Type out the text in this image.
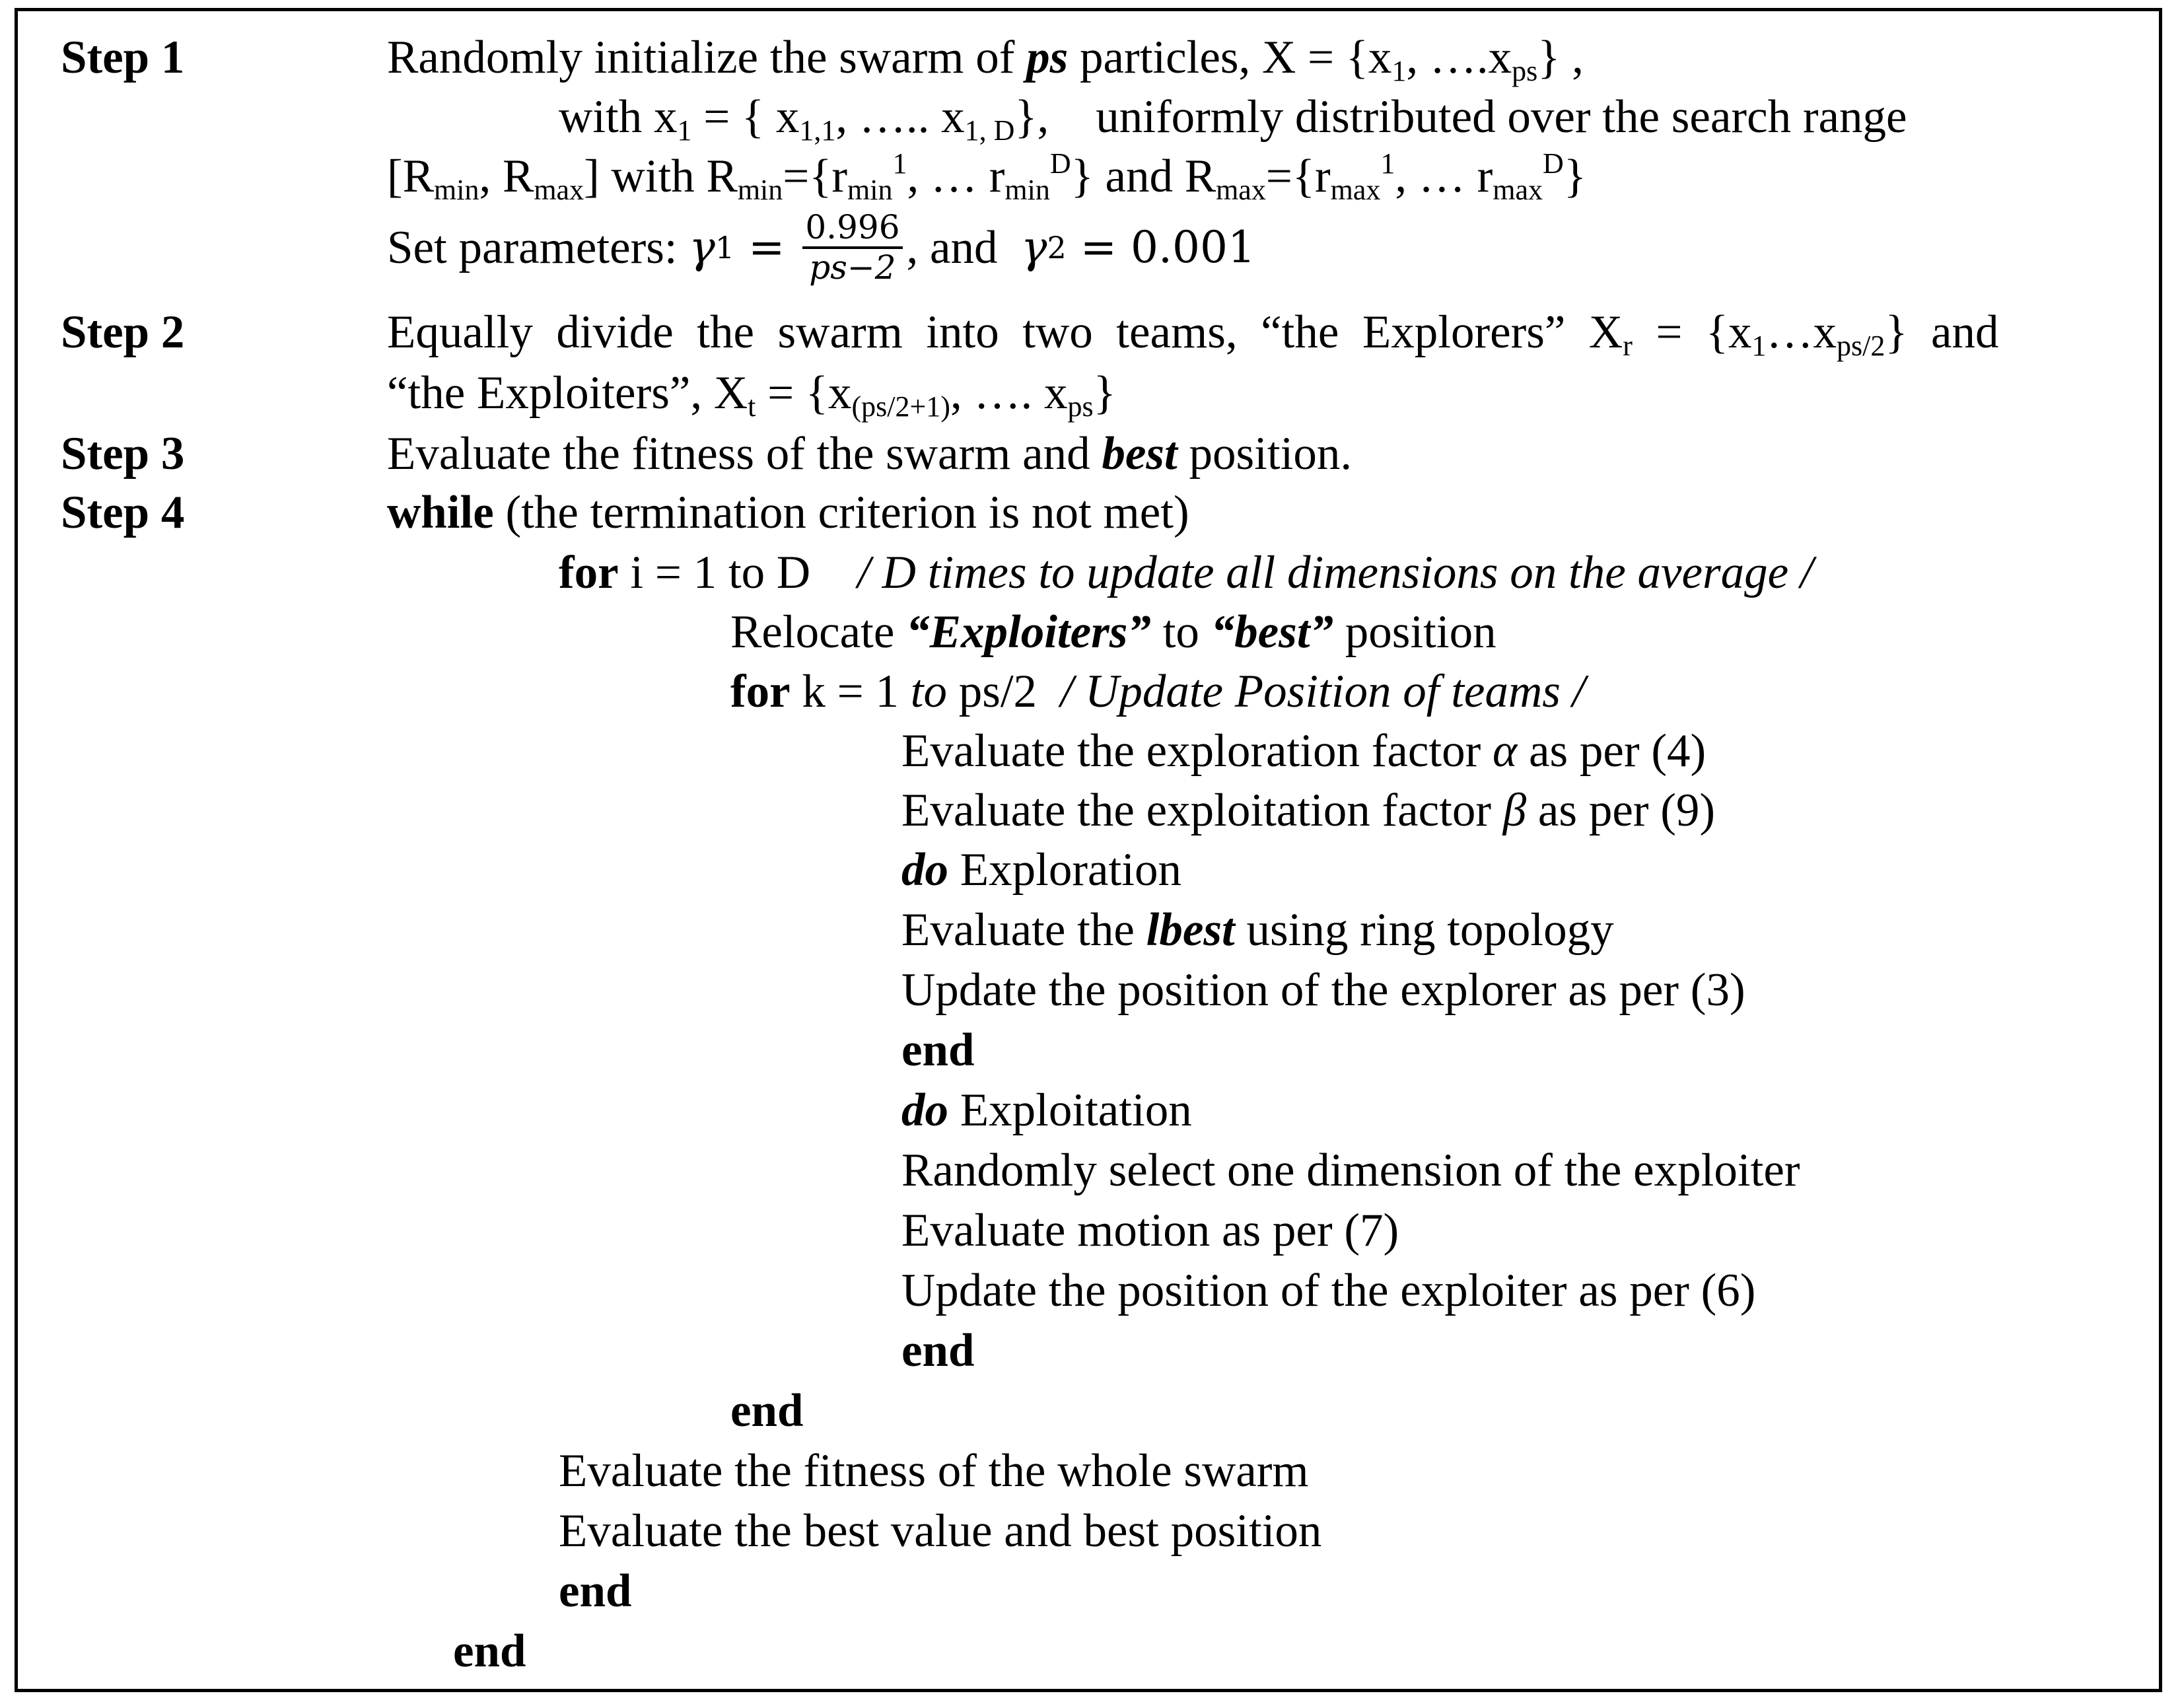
Step 1
Step 2
Step 3
Step 4
Randomly initialize the swarm of ps particles, $X = \{x_1$, $\dots.x_{ps}$} ,
with $x_1$ = { $x_{1,1}$, ….. $x_{1, D}$},    uniformly distributed over the search range
[$R_{min}$, $R_{max}$] with $R_{min}=\{r_{min}^1$, … $r_{min}^D$} and $R_{max}=\{r_{max}^1$, … $r_{max}^D$}
Set parameters: γ $1 = \frac{0.996}{ps-2}$ , and γ 2 = 0.001
Equally  divide  the  swarm  into  two  teams,  “the  Explorers”  $X_r$  =  $\{x_1\dots x_{ps/2}\}$  and
“the Exploiters”, $X_t = \{x_{(ps/2+1)}$, …. $x_{ps}$}
Evaluate the fitness of the swarm and best position.
while (the termination criterion is not met)
for i = 1 to D    / D times to update all dimensions on the average /
Relocate “Exploiters” to “best” position
for k = 1 to ps/2  / Update Position of teams /
Evaluate the exploration factor α as per (4)
Evaluate the exploitation factor β as per (9)
do Exploration
Evaluate the lbest using ring topology
Update the position of the explorer as per (3)
end
do Exploitation
Randomly select one dimension of the exploiter
Evaluate motion as per (7)
Update the position of the exploiter as per (6)
end
end
Evaluate the fitness of the whole swarm
Evaluate the best value and best position
end
end
